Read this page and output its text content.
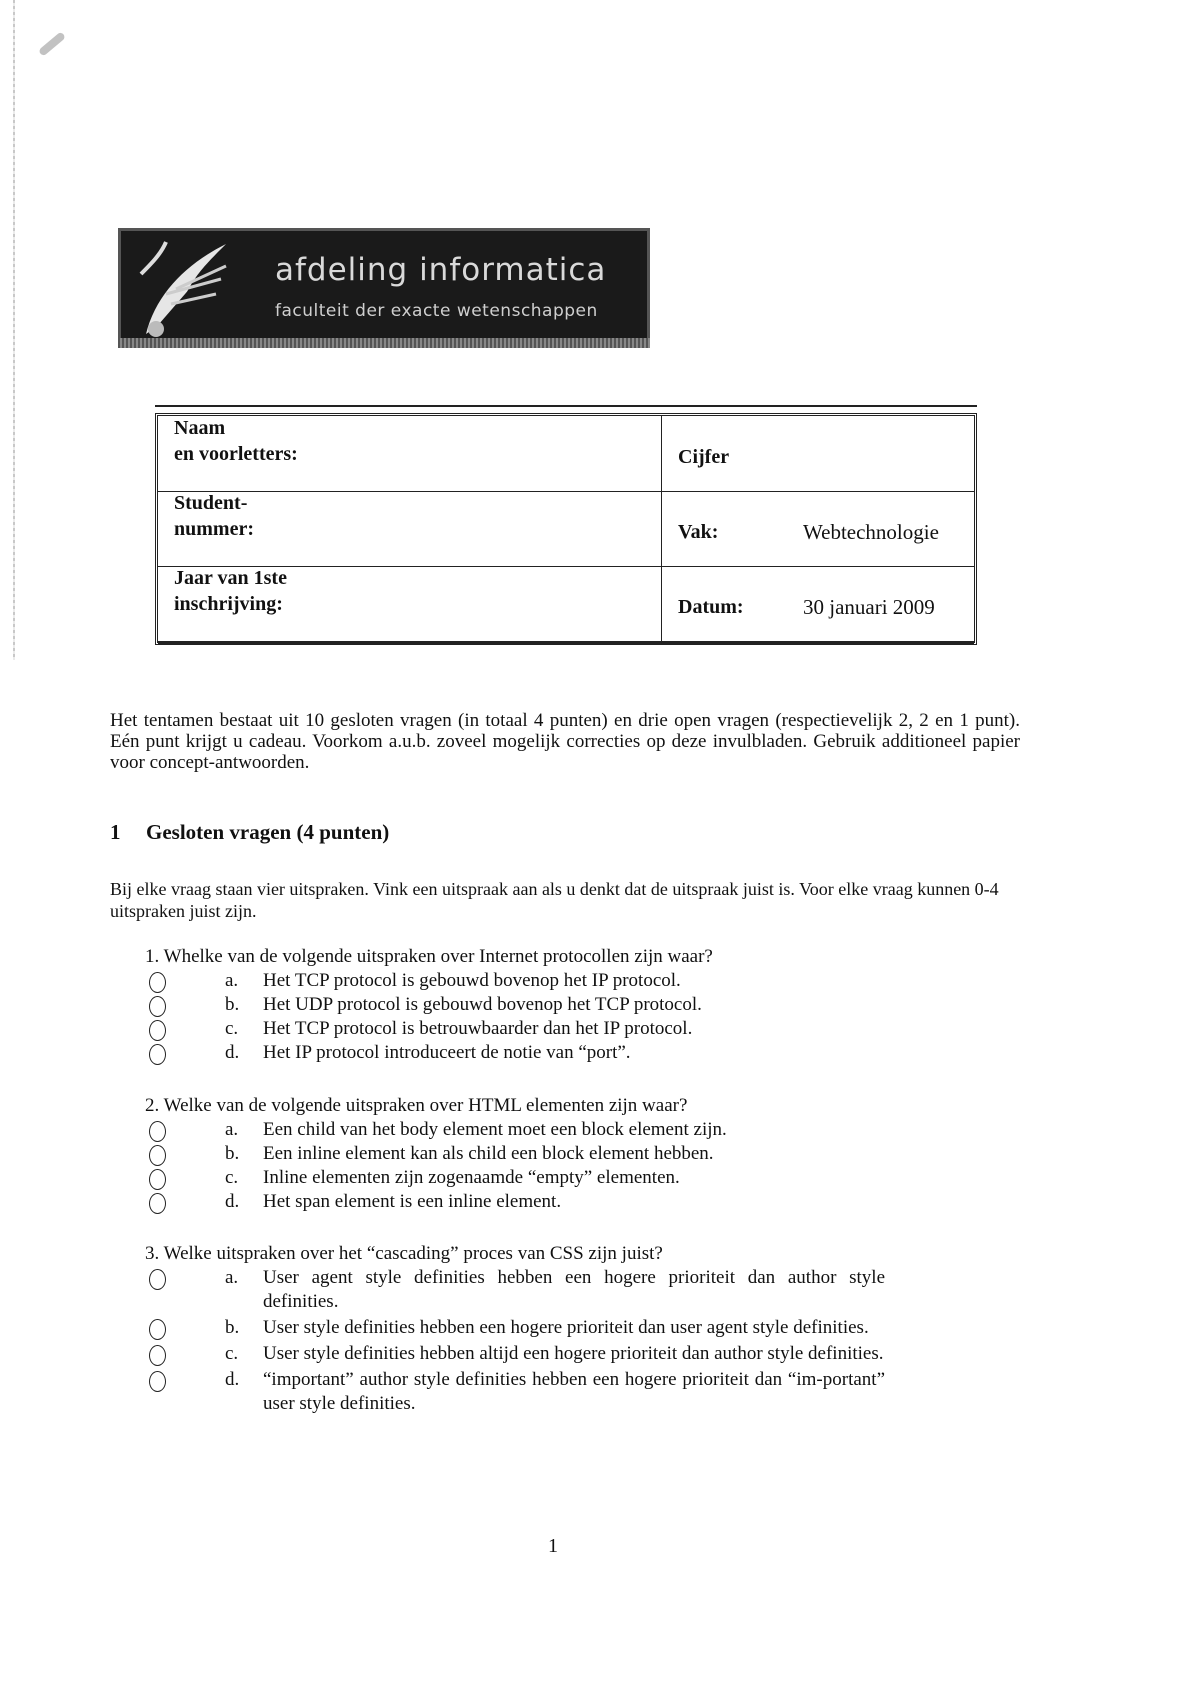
afdeling informatica
faculteit der exacte wetenschappen
Naam
en voorletters:	Cijfer
Student-
nummer:	Vak:	Webtechnologie
Jaar van 1ste
inschrijving:	Datum:	30 januari 2009
Het tentamen bestaat uit 10 gesloten vragen (in totaal 4 punten) en drie open vragen (respectievelijk 2, 2 en 1 punt). Eén punt krijgt u cadeau. Voorkom a.u.b. zoveel mogelijk correcties op deze invulbladen. Gebruik additioneel papier voor concept-antwoorden.
1 Gesloten vragen (4 punten)
Bij elke vraag staan vier uitspraken. Vink een uitspraak aan als u denkt dat de uitspraak juist is. Voor elke vraag kunnen 0-4 uitspraken juist zijn.
1. Whelke van de volgende uitspraken over Internet protocollen zijn waar?
a.	Het TCP protocol is gebouwd bovenop het IP protocol.
b.	Het UDP protocol is gebouwd bovenop het TCP protocol.
c.	Het TCP protocol is betrouwbaarder dan het IP protocol.
d.	Het IP protocol introduceert de notie van “port”.
2. Welke van de volgende uitspraken over HTML elementen zijn waar?
a.	Een child van het body element moet een block element zijn.
b.	Een inline element kan als child een block element hebben.
c.	Inline elementen zijn zogenaamde “empty” elementen.
d.	Het span element is een inline element.
3. Welke uitspraken over het “cascading” proces van CSS zijn juist?
a.	User agent style definities hebben een hogere prioriteit dan author style definities.
b.	User style definities hebben een hogere prioriteit dan user agent style definities.
c.	User style definities hebben altijd een hogere prioriteit dan author style definities.
d.	“important” author style definities hebben een hogere prioriteit dan “im-portant” user style definities.
1
